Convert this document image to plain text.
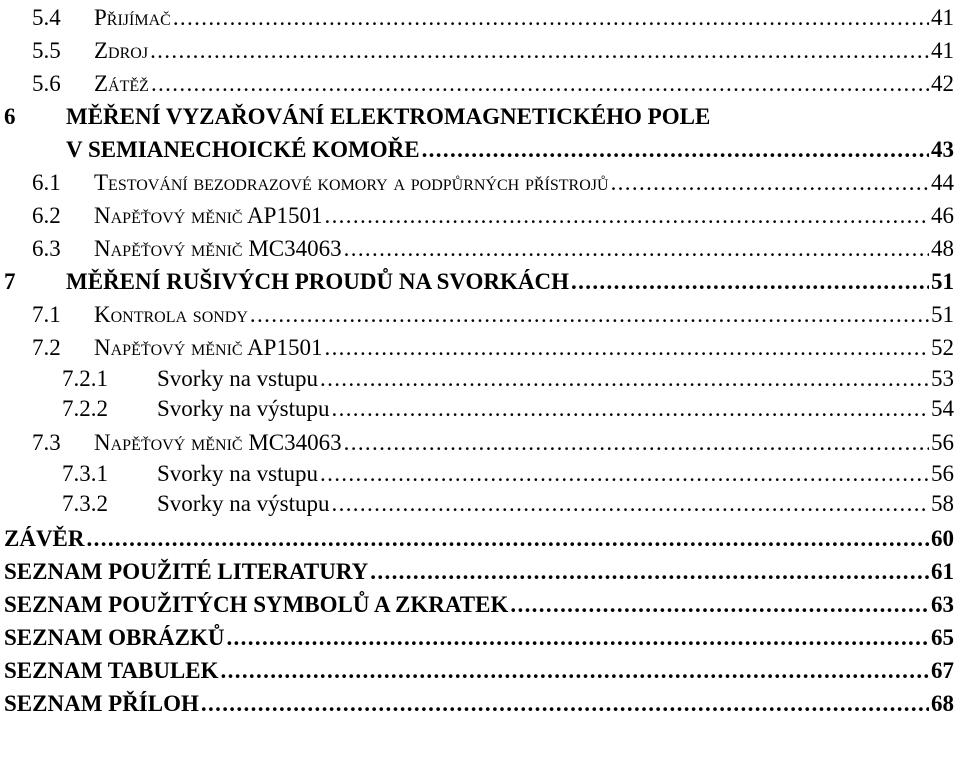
5.4	Přijímač . . .	41
5.5	Zdroj . . .	41
5.6	Zátěž . . .	42
6	MĚŘENÍ VYZAŘOVÁNÍ ELEKTROMAGNETICKÉHO POLE
V SEMIANECHOICKÉ KOMOŘE . . .	43
6.1	Testování bezodrazové komory a podpůrných přístrojů . . .	44
6.2	Napěťový měnič AP1501 . . .	46
6.3	Napěťový měnič MC34063 . . .	48
7	MĚŘENÍ RUŠIVÝCH PROUDŮ NA SVORKÁCH . . .	51
7.1	Kontrola sondy . . .	51
7.2	Napěťový měnič AP1501 . . .	52
7.2.1	Svorky na vstupu . . .	53
7.2.2	Svorky na výstupu . . .	54
7.3	Napěťový měnič MC34063 . . .	56
7.3.1	Svorky na vstupu . . .	56
7.3.2	Svorky na výstupu . . .	58
ZÁVĚR . . .	60
SEZNAM POUŽITÉ LITERATURY . . .	61
SEZNAM POUŽITÝCH SYMBOLŮ A ZKRATEK . . .	63
SEZNAM OBRÁZKŮ . . .	65
SEZNAM TABULEK . . .	67
SEZNAM PŘÍLOH . . .	68
